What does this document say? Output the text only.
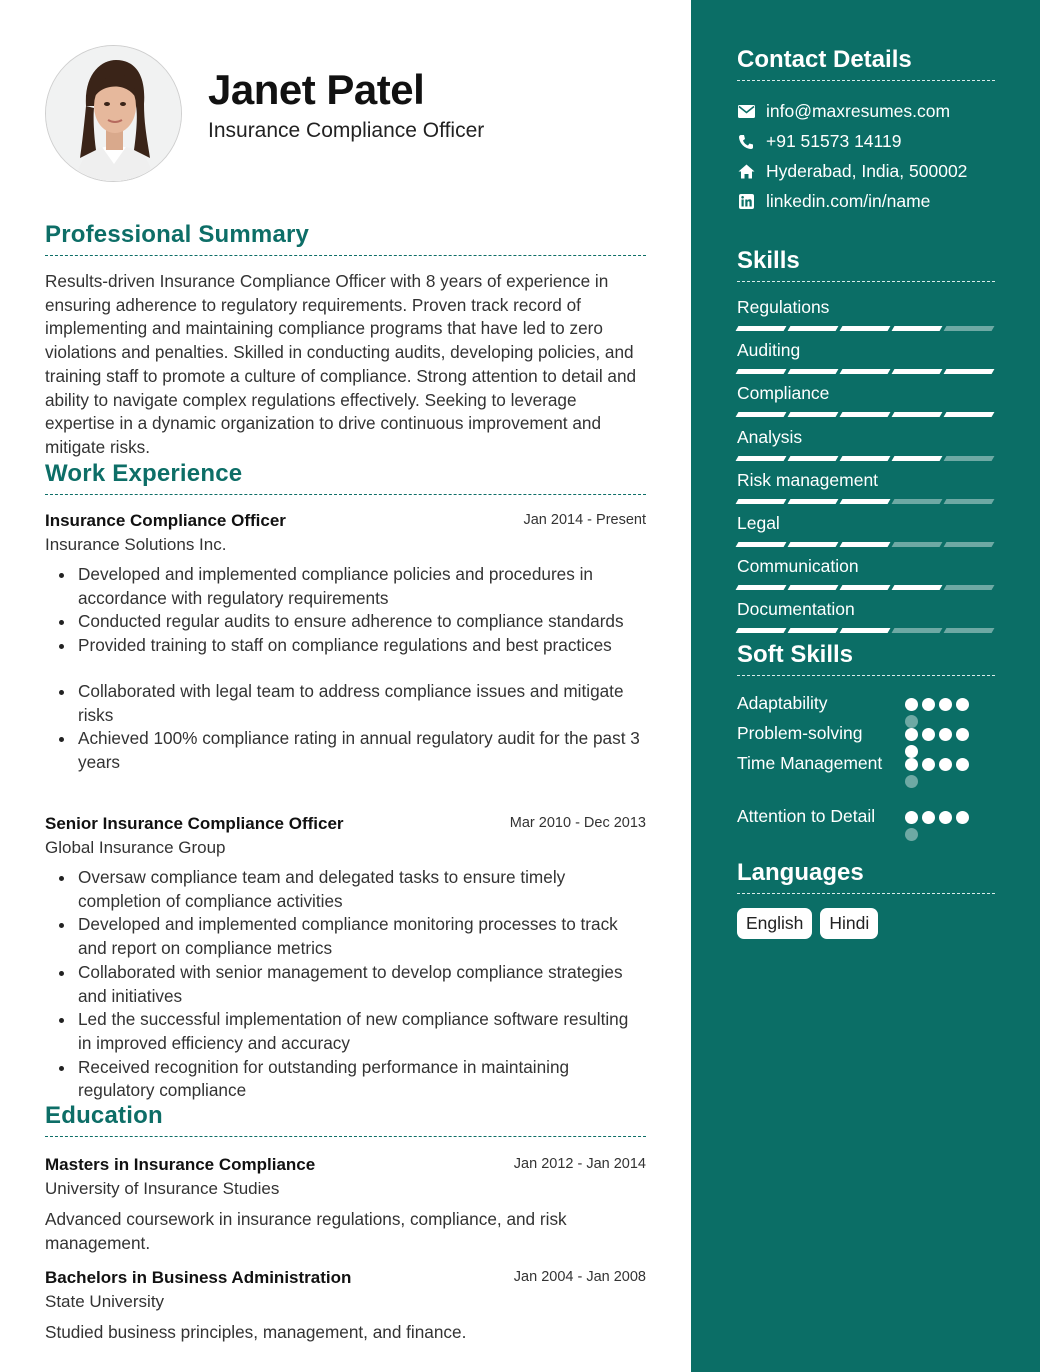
Janet Patel
Insurance Compliance Officer
Professional Summary
Results-driven Insurance Compliance Officer with 8 years of experience in ensuring adherence to regulatory requirements. Proven track record of implementing and maintaining compliance programs that have led to zero violations and penalties. Skilled in conducting audits, developing policies, and training staff to promote a culture of compliance. Strong attention to detail and ability to navigate complex regulations effectively. Seeking to leverage expertise in a dynamic organization to drive continuous improvement and mitigate risks.
Work Experience
Insurance Compliance Officer	Jan 2014 - Present
Insurance Solutions Inc.
Developed and implemented compliance policies and procedures in accordance with regulatory requirements
Conducted regular audits to ensure adherence to compliance standards
Provided training to staff on compliance regulations and best practices
Collaborated with legal team to address compliance issues and mitigate risks
Achieved 100% compliance rating in annual regulatory audit for the past 3 years
Senior Insurance Compliance Officer	Mar 2010 - Dec 2013
Global Insurance Group
Oversaw compliance team and delegated tasks to ensure timely completion of compliance activities
Developed and implemented compliance monitoring processes to track and report on compliance metrics
Collaborated with senior management to develop compliance strategies and initiatives
Led the successful implementation of new compliance software resulting in improved efficiency and accuracy
Received recognition for outstanding performance in maintaining regulatory compliance
Education
Masters in Insurance Compliance	Jan 2012 - Jan 2014
University of Insurance Studies
Advanced coursework in insurance regulations, compliance, and risk management.
Bachelors in Business Administration	Jan 2004 - Jan 2008
State University
Studied business principles, management, and finance.
Contact Details
info@maxresumes.com
+91 51573 14119
Hyderabad, India, 500002
linkedin.com/in/name
Skills
Regulations
Auditing
Compliance
Analysis
Risk management
Legal
Communication
Documentation
Soft Skills
Adaptability
Problem-solving
Time Management
Attention to Detail
Languages
English	Hindi
